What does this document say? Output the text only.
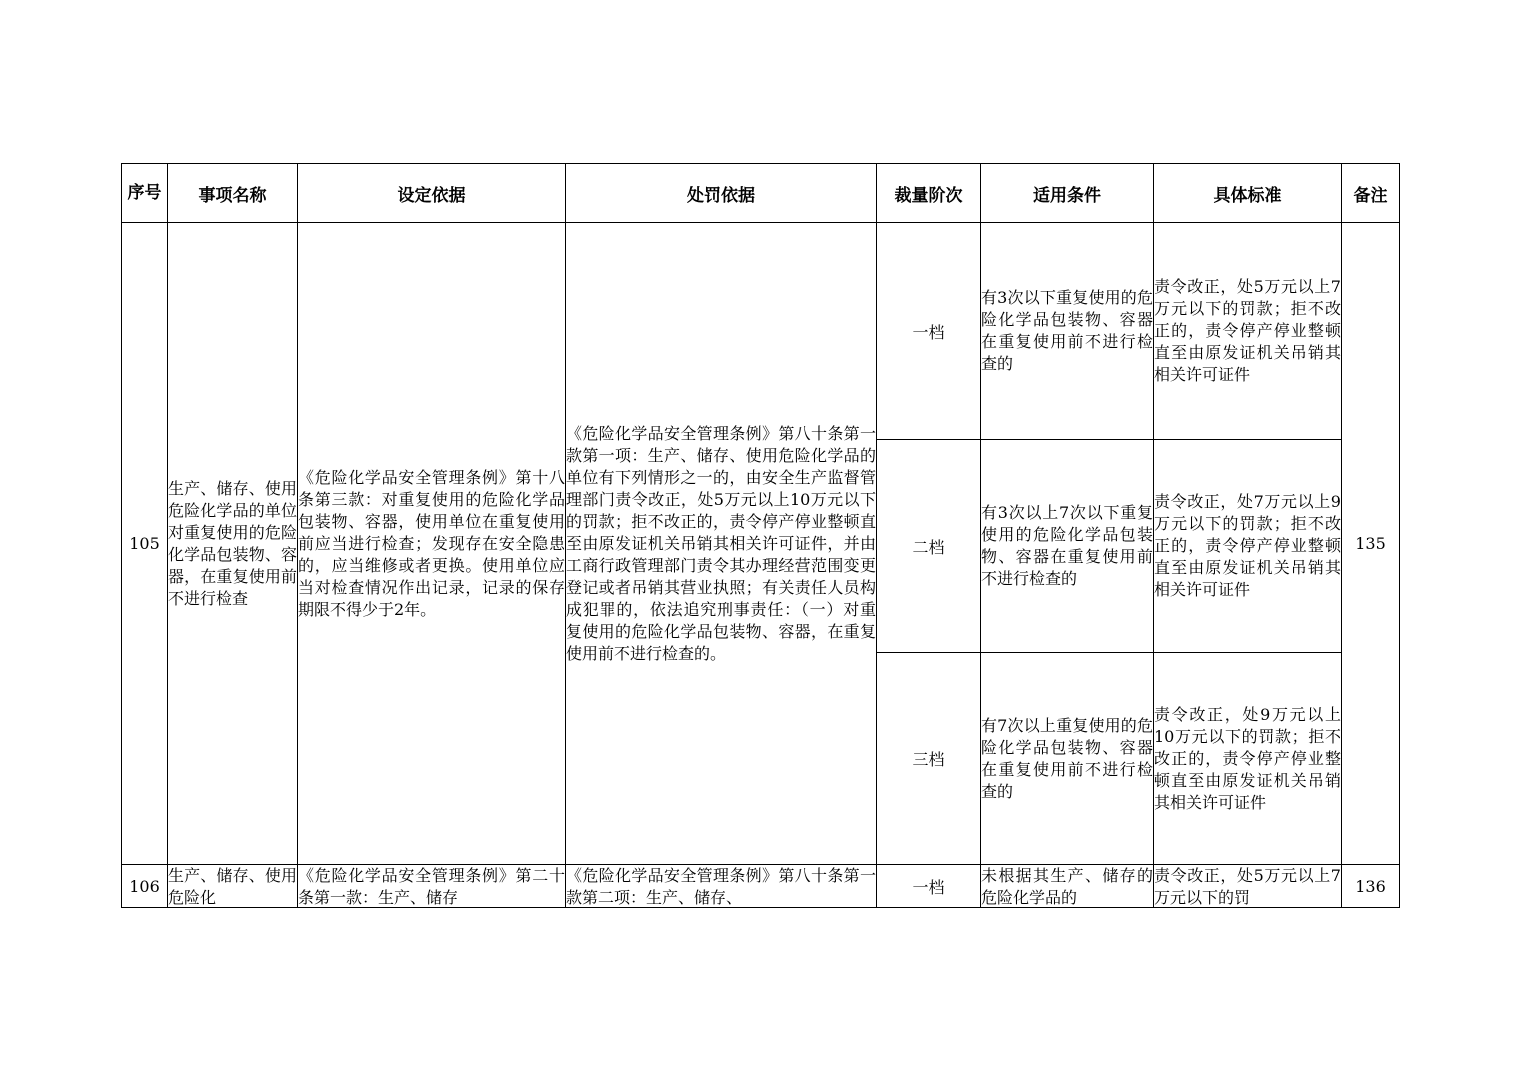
序号	事项名称	设定依据	处罚依据	裁量阶次	适用条件	具体标准	备注
105	生产、储存、使用危险化学品的单位对重复使用的危险化学品包装物、容器，在重复使用前不进行检查	《危险化学品安全管理条例》第十八条第三款：对重复使用的危险化学品包装物、容器，使用单位在重复使用前应当进行检查；发现存在安全隐患的，应当维修或者更换。使用单位应当对检查情况作出记录，记录的保存期限不得少于2年。	《危险化学品安全管理条例》第八十条第一款第一项：生产、储存、使用危险化学品的单位有下列情形之一的，由安全生产监督管理部门责令改正，处5万元以上10万元以下的罚款；拒不改正的，责令停产停业整顿直至由原发证机关吊销其相关许可证件，并由工商行政管理部门责令其办理经营范围变更登记或者吊销其营业执照；有关责任人员构成犯罪的，依法追究刑事责任：（一）对重复使用的危险化学品包装物、容器，在重复使用前不进行检查的。	一档	有3次以下重复使用的危险化学品包装物、容器在重复使用前不进行检查的	责令改正，处5万元以上7万元以下的罚款；拒不改正的，责令停产停业整顿直至由原发证机关吊销其相关许可证件	135
				二档	有3次以上7次以下重复使用的危险化学品包装物、容器在重复使用前不进行检查的	责令改正，处7万元以上9万元以下的罚款；拒不改正的，责令停产停业整顿直至由原发证机关吊销其相关许可证件	
				三档	有7次以上重复使用的危险化学品包装物、容器在重复使用前不进行检查的	责令改正，处9万元以上10万元以下的罚款；拒不改正的，责令停产停业整顿直至由原发证机关吊销其相关许可证件	
106	生产、储存、使用危险化	《危险化学品安全管理条例》第二十条第一款：生产、储存	《危险化学品安全管理条例》第八十条第一款第二项：生产、储存、	一档	未根据其生产、储存的危险化学品的	责令改正，处5万元以上7万元以下的罚	136
